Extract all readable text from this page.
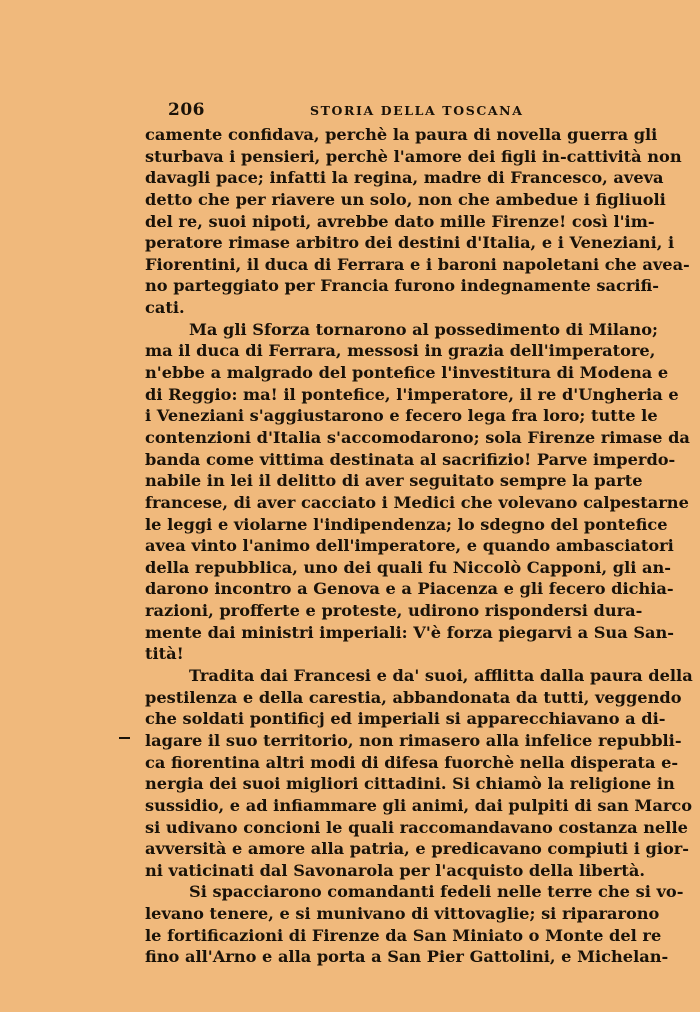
206	STORIA DELLA TOSCANA
camente confidava, perchè la paura di novella guerra gli
sturbava i pensieri, perchè l'amore dei figli in-cattività non
davagli pace; infatti la regina, madre di Francesco, aveva
detto che per riavere un solo, non che ambedue i figliuoli
del re, suoi nipoti, avrebbe dato mille Firenze! così l'im-
peratore rimase arbitro dei destini d'Italia, e i Veneziani, i
Fiorentini, il duca di Ferrara e i baroni napoletani che avea-
no parteggiato per Francia furono indegnamente sacrifi-
cati.
Ma gli Sforza tornarono al possedimento di Milano;
ma il duca di Ferrara, messosi in grazia dell'imperatore,
n'ebbe a malgrado del pontefice l'investitura di Modena e
di Reggio: ma! il pontefice, l'imperatore, il re d'Ungheria e
i Veneziani s'aggiustarono e fecero lega fra loro; tutte le
contenzioni d'Italia s'accomodarono; sola Firenze rimase da
banda come vittima destinata al sacrifizio! Parve imperdo-
nabile in lei il delitto di aver seguitato sempre la parte
francese, di aver cacciato i Medici che volevano calpestarne
le leggi e violarne l'indipendenza; lo sdegno del pontefice
avea vinto l'animo dell'imperatore, e quando ambasciatori
della repubblica, uno dei quali fu Niccolò Capponi, gli an-
darono incontro a Genova e a Piacenza e gli fecero dichia-
razioni, profferte e proteste, udirono rispondersi dura-
mente dai ministri imperiali: V'è forza piegarvi a Sua San-
tità!
Tradita dai Francesi e da' suoi, afflitta dalla paura della
pestilenza e della carestia, abbandonata da tutti, veggendo
che soldati pontificj ed imperiali si apparecchiavano a di-
lagare il suo territorio, non rimasero alla infelice repubbli-
ca fiorentina altri modi di difesa fuorchè nella disperata e-
nergia dei suoi migliori cittadini. Si chiamò la religione in
sussidio, e ad infiammare gli animi, dai pulpiti di san Marco
si udivano concioni le quali raccomandavano costanza nelle
avversità e amore alla patria, e predicavano compiuti i gior-
ni vaticinati dal Savonarola per l'acquisto della libertà.
Si spacciarono comandanti fedeli nelle terre che si vo-
levano tenere, e si munivano di vittovaglie; si ripararono
le fortificazioni di Firenze da San Miniato o Monte del re
fino all'Arno e alla porta a San Pier Gattolini, e Michelan-
